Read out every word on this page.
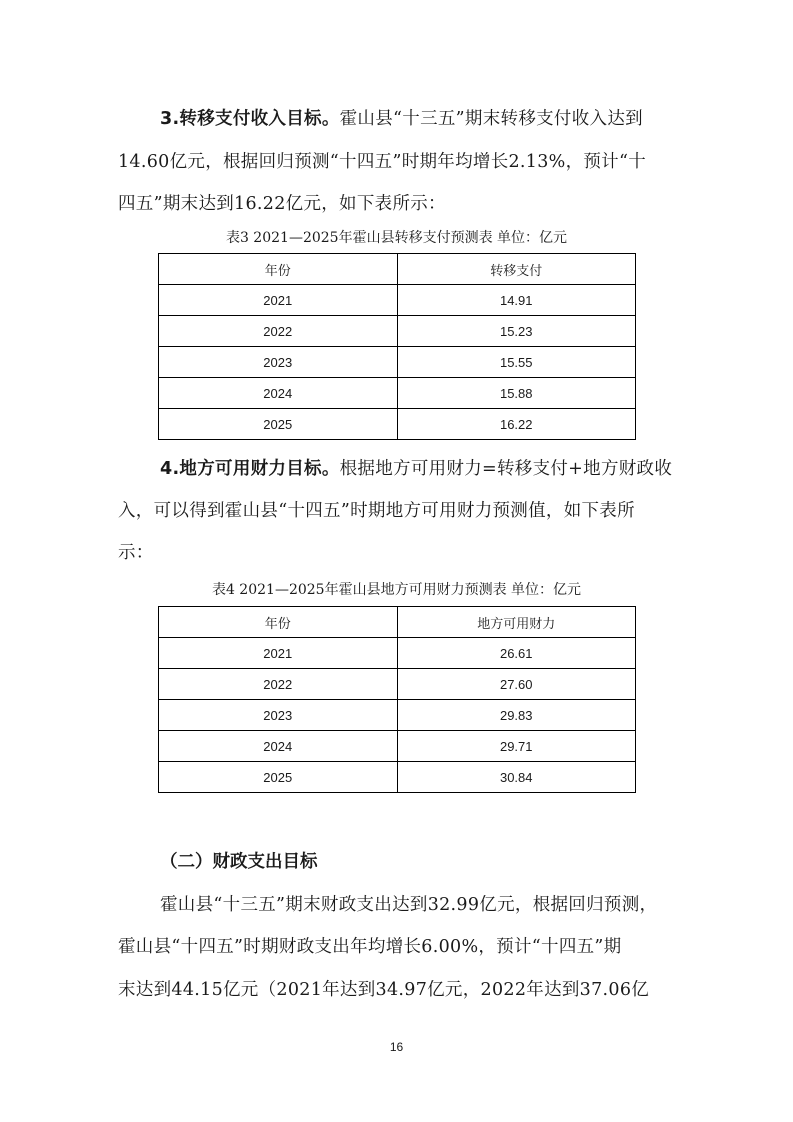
3.转移支付收入目标。霍山县“十三五”期末转移支付收入达到
14.60亿元，根据回归预测“十四五”时期年均增长2.13%，预计“十
四五”期末达到16.22亿元，如下表所示：
表3 2021—2025年霍山县转移支付预测表 单位：亿元
年份	转移支付
2021	14.91
2022	15.23
2023	15.55
2024	15.88
2025	16.22
4.地方可用财力目标。根据地方可用财力=转移支付+地方财政收
入，可以得到霍山县“十四五”时期地方可用财力预测值，如下表所
示：
表4 2021—2025年霍山县地方可用财力预测表 单位：亿元
年份	地方可用财力
2021	26.61
2022	27.60
2023	29.83
2024	29.71
2025	30.84
（二）财政支出目标
霍山县“十三五”期末财政支出达到32.99亿元，根据回归预测，
霍山县“十四五”时期财政支出年均增长6.00%，预计“十四五”期
末达到44.15亿元（2021年达到34.97亿元，2022年达到37.06亿
16
